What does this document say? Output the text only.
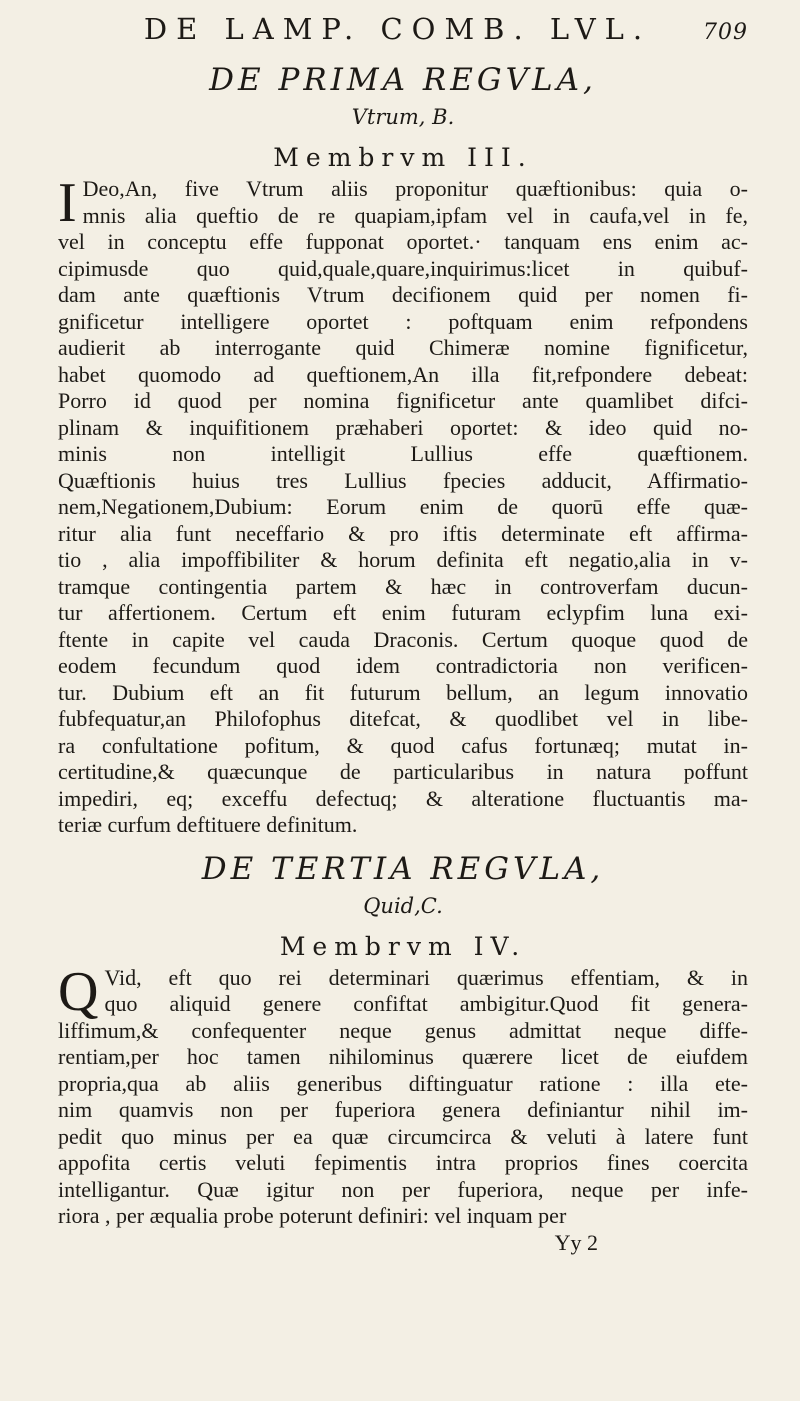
DE LAMP. COMB. LVL.	709
DE PRIMA REGVLA,
Vtrum, B.
Membrvm III.
I Deo,An, five Vtrum aliis proponitur quæftionibus: quia o-
mnis alia queftio de re quapiam,ipfam vel in caufa,vel in fe,
vel in conceptu effe fupponat oportet.· tanquam ens enim ac-
cipimusde quo quid,quale,quare,inquirimus:licet in quibuf-
dam ante quæftionis Vtrum decifionem quid per nomen fi-
gnificetur intelligere oportet : poftquam enim refpondens
audierit ab interrogante quid Chimeræ nomine fignificetur,
habet quomodo ad queftionem,An illa fit,refpondere debeat:
Porro id quod per nomina fignificetur ante quamlibet difci-
plinam & inquifitionem præhaberi oportet: & ideo quid no-
minis non intelligit Lullius effe quæftionem.
Quæftionis huius tres Lullius fpecies adducit, Affirmatio-
nem,Negationem,Dubium: Eorum enim de quorū effe quæ-
ritur alia funt neceffario & pro iftis determinate eft affirma-
tio , alia impoffibiliter & horum definita eft negatio,alia in v-
tramque contingentia partem & hæc in controverfam ducun-
tur affertionem. Certum eft enim futuram eclypfim luna exi-
ftente in capite vel cauda Draconis. Certum quoque quod de
eodem fecundum quod idem contradictoria non verificen-
tur. Dubium eft an fit futurum bellum, an legum innovatio
fubfequatur,an Philofophus ditefcat, & quodlibet vel in libe-
ra confultatione pofitum, & quod cafus fortunæq; mutat in-
certitudine,& quæcunque de particularibus in natura poffunt
impediri, eq; exceffu defectuq; & alteratione fluctuantis ma-
teriæ curfum deftituere definitum.
DE TERTIA REGVLA,
Quid,C.
Membrvm IV.
Q Vid, eft quo rei determinari quærimus effentiam, & in
quo aliquid genere confiftat ambigitur.Quod fit genera-
liffimum,& confequenter neque genus admittat neque diffe-
rentiam,per hoc tamen nihilominus quærere licet de eiufdem
propria,qua ab aliis generibus diftinguatur ratione : illa ete-
nim quamvis non per fuperiora genera definiantur nihil im-
pedit quo minus per ea quæ circumcirca & veluti à latere funt
appofita certis veluti fepimentis intra proprios fines coercita
intelligantur. Quæ igitur non per fuperiora, neque per infe-
riora , per æqualia probe poterunt definiri: vel inquam per
Yy 2
